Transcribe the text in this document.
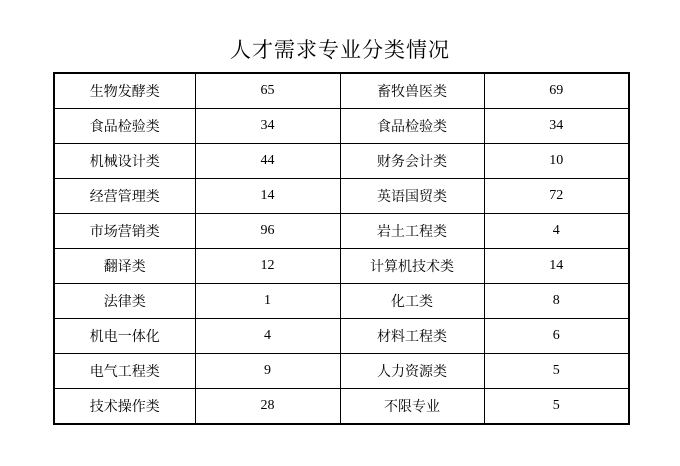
人才需求专业分类情况
生物发酵类	65	畜牧兽医类	69
食品检验类	34	食品检验类	34
机械设计类	44	财务会计类	10
经营管理类	14	英语国贸类	72
市场营销类	96	岩土工程类	4
翻译类	12	计算机技术类	14
法律类	1	化工类	8
机电一体化	4	材料工程类	6
电气工程类	9	人力资源类	5
技术操作类	28	不限专业	5
